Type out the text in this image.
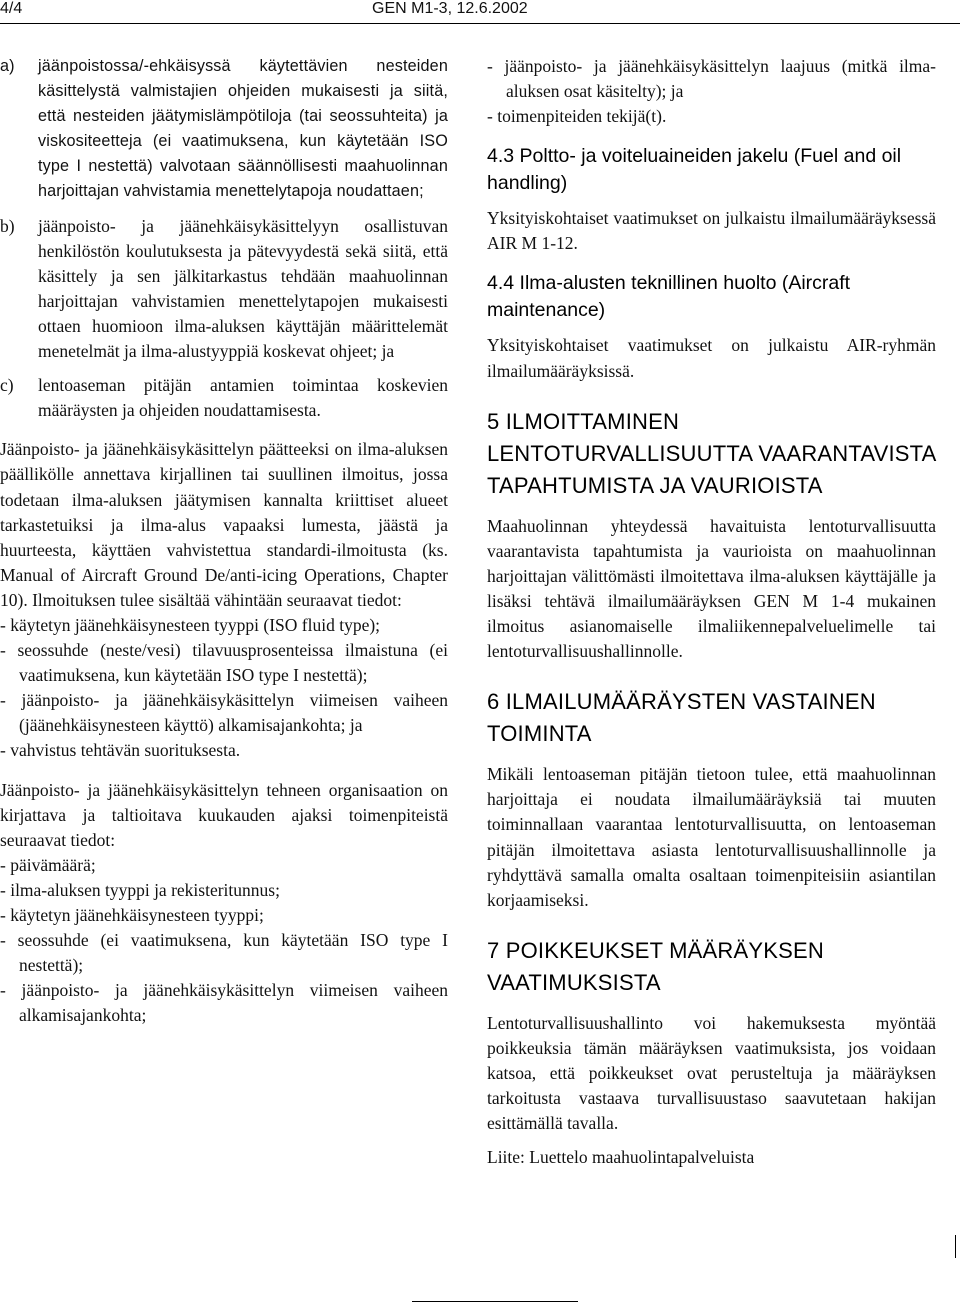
4/4	GEN M1-3, 12.6.2002
a) jäänpoistossa/-ehkäisyssä käytettävien nesteiden käsittelystä valmistajien ohjeiden mukaisesti ja siitä, että nesteiden jäätymislämpötiloja (tai seossuhteita) ja viskositeetteja (ei vaatimuksena, kun käytetään ISO type I nestettä) valvotaan säännöllisesti maahuolinnan harjoittajan vahvistamia menettelytapoja noudattaen;
b) jäänpoisto- ja jäänehkäisykäsittelyyn osallistuvan henkilöstön koulutuksesta ja pätevyydestä sekä siitä, että käsittely ja sen jälkitarkastus tehdään maahuolinnan harjoittajan vahvistamien menettelytapojen mukaisesti ottaen huomioon ilma-aluksen käyttäjän määrittelemät menetelmät ja ilma-alustyyppiä koskevat ohjeet; ja
c) lentoaseman pitäjän antamien toimintaa koskevien määräysten ja ohjeiden noudattamisesta.

Jäänpoisto- ja jäänehkäisykäsittelyn päätteeksi on ilma-aluksen päällikölle annettava kirjallinen tai suullinen ilmoitus, jossa todetaan ilma-aluksen jäätymisen kannalta kriittiset alueet tarkastetuiksi ja ilma-alus vapaaksi lumesta, jäästä ja huurteesta, käyttäen vahvistettua standardi-ilmoitusta (ks. Manual of Aircraft Ground De/anti-icing Operations, Chapter 10). Ilmoituksen tulee sisältää vähintään seuraavat tiedot:

- käytetyn jäänehkäisynesteen tyyppi (ISO fluid type);

- seossuhde (neste/vesi) tilavuusprosenteissa ilmaistuna (ei vaatimuksena, kun käytetään ISO type I nestettä);

- jäänpoisto- ja jäänehkäisykäsittelyn viimeisen vaiheen (jäänehkäisynesteen käyttö) alkamisajankohta; ja

- vahvistus tehtävän suorituksesta.

Jäänpoisto- ja jäänehkäisykäsittelyn tehneen organisaation on kirjattava ja taltioitava kuukauden ajaksi toimenpiteistä seuraavat tiedot:

- päivämäärä;

- ilma-aluksen tyyppi ja rekisteritunnus;

- käytetyn jäänehkäisynesteen tyyppi;

- seossuhde (ei vaatimuksena, kun käytetään ISO type I nestettä);

- jäänpoisto- ja jäänehkäisykäsittelyn viimeisen vaiheen alkamisajankohta;

- jäänpoisto- ja jäänehkäisykäsittelyn laajuus (mitkä ilma-aluksen osat käsitelty); ja

- toimenpiteiden tekijä(t).

4.3 Poltto- ja voiteluaineiden jakelu (Fuel and oil handling)

Yksityiskohtaiset vaatimukset on julkaistu ilmailumääräyksessä AIR M 1-12.

4.4 Ilma-alusten teknillinen huolto (Aircraft maintenance)

Yksityiskohtaiset vaatimukset on julkaistu AIR-ryhmän ilmailumääräyksissä.

5 ILMOITTAMINEN LENTOTURVALLISUUTTA VAARANTAVISTA TAPAHTUMISTA JA VAURIOISTA

Maahuolinnan yhteydessä havaituista lentoturvallisuutta vaarantavista tapahtumista ja vaurioista on maahuolinnan harjoittajan välittömästi ilmoitettava ilma-aluksen käyttäjälle ja lisäksi tehtävä ilmailumääräyksen GEN M 1-4 mukainen ilmoitus asianomaiselle ilmaliikennepalveluelimelle tai lentoturvallisuushallinnolle.

6 ILMAILUMÄÄRÄYSTEN VASTAINEN TOIMINTA

Mikäli lentoaseman pitäjän tietoon tulee, että maahuolinnan harjoittaja ei noudata ilmailumääräyksiä tai muuten toiminnallaan vaarantaa lentoturvallisuutta, on lentoaseman pitäjän ilmoitettava asiasta lentoturvallisuushallinnolle ja ryhdyttävä samalla omalta osaltaan toimenpiteisiin asiantilan korjaamiseksi.

7 POIKKEUKSET MÄÄRÄYKSEN VAATIMUKSISTA

Lentoturvallisuushallinto voi hakemuksesta myöntää poikkeuksia tämän määräyksen vaatimuksista, jos voidaan katsoa, että poikkeukset ovat perusteltuja ja määräyksen tarkoitusta vastaava turvallisuustaso saavutetaan hakijan esittämällä tavalla.

Liite: Luettelo maahuolintapalveluista
